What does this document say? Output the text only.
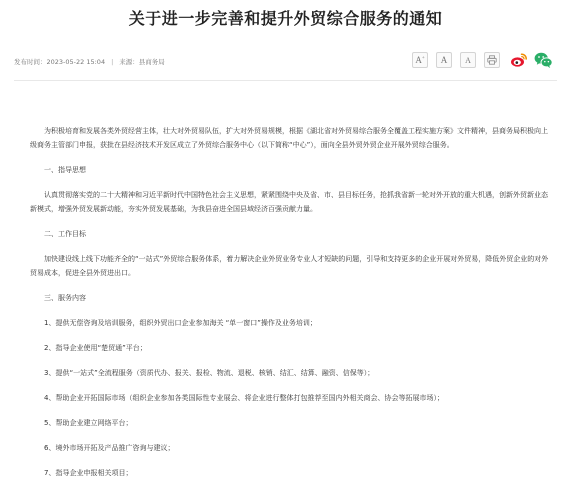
关于进一步完善和提升外贸综合服务的通知
发布时间：2023-05-22 15:04 | 来源：县商务局	A+	A	A

为积极培育和发展各类外贸经营主体，壮大对外贸易队伍，扩大对外贸易规模，根据《湖北省对外贸易综合服务全覆盖工程实施方案》文件精神，县商务局积极向上级商务主管部门申报，获批在县经济技术开发区成立了外贸综合服务中心（以下简称“中心”），面向全县外贸外贸企业开展外贸综合服务。

一、指导思想

认真贯彻落实党的二十大精神和习近平新时代中国特色社会主义思想，紧紧围绕中央及省、市、县目标任务，抢抓我省新一轮对外开放的重大机遇，创新外贸新业态新模式，增强外贸发展新动能，夯实外贸发展基础，为我县奋进全国县域经济百强贡献力量。

二、工作目标

加快建设线上线下功能齐全的“一站式”外贸综合服务体系，着力解决企业外贸业务专业人才短缺的问题，引导和支持更多的企业开展对外贸易，降低外贸企业的对外贸易成本，促进全县外贸进出口。

三、服务内容

1、提供无偿咨询及培训服务，组织外贸出口企业参加海关 “单一窗口”操作及业务培训；

2、指导企业使用“楚贸通”平台；

3、提供“一站式”全流程服务（资质代办、报关、报检、物流、退税、核销、结汇、结算、融资、信保等）；

4、帮助企业开拓国际市场（组织企业参加各类国际性专业展会、将企业进行整体打包推荐至国内外相关商会、协会等拓展市场）；

5、帮助企业建立网络平台；

6、境外市场开拓及产品推广咨询与建议；

7、指导企业申报相关项目；
